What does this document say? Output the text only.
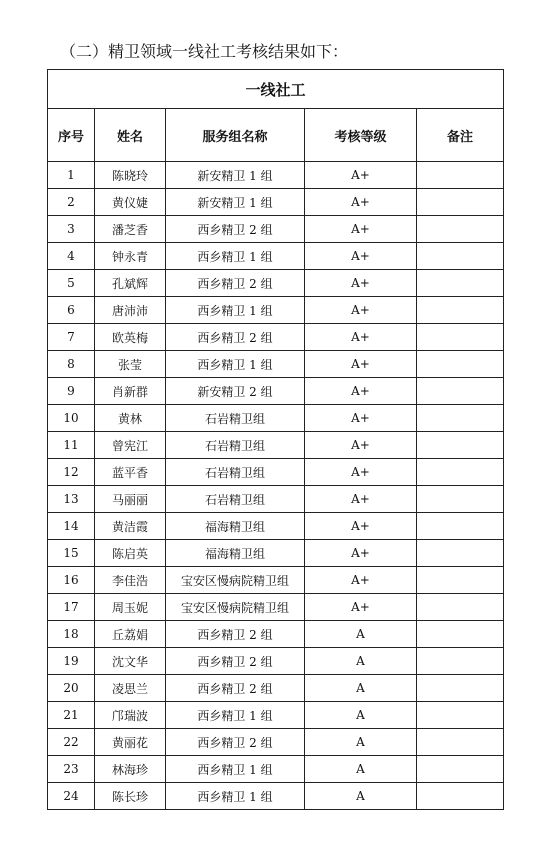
（二）精卫领域一线社工考核结果如下：
一线社工				
序号	姓名	服务组名称	考核等级	备注
1	陈晓玲	新安精卫 1 组	A+	
2	黄仪婕	新安精卫 1 组	A+	
3	潘芝香	西乡精卫 2 组	A+	
4	钟永青	西乡精卫 1 组	A+	
5	孔斌辉	西乡精卫 2 组	A+	
6	唐沛沛	西乡精卫 1 组	A+	
7	欧英梅	西乡精卫 2 组	A+	
8	张莹	西乡精卫 1 组	A+	
9	肖新群	新安精卫 2 组	A+	
10	黄林	石岩精卫组	A+	
11	曾宪江	石岩精卫组	A+	
12	蓝平香	石岩精卫组	A+	
13	马丽丽	石岩精卫组	A+	
14	黄洁霞	福海精卫组	A+	
15	陈启英	福海精卫组	A+	
16	李佳浩	宝安区慢病院精卫组	A+	
17	周玉妮	宝安区慢病院精卫组	A+	
18	丘荔娟	西乡精卫 2 组	A	
19	沈文华	西乡精卫 2 组	A	
20	凌思兰	西乡精卫 2 组	A	
21	邝瑞波	西乡精卫 1 组	A	
22	黄丽花	西乡精卫 2 组	A	
23	林海珍	西乡精卫 1 组	A	
24	陈长珍	西乡精卫 1 组	A	
